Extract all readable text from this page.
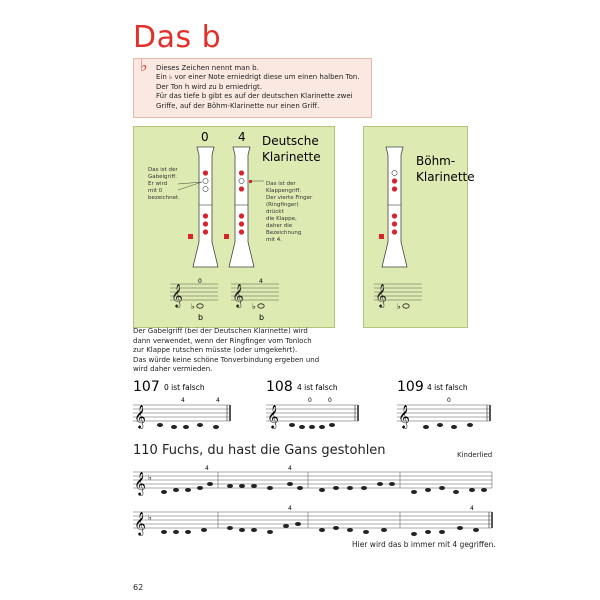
Das b
♭ Dieses Zeichen nennt man b.
Ein ♭ vor einer Note erniedrigt diese um einen halben Ton.
Der Ton h wird zu b erniedrigt.
Für das tiefe b gibt es auf der deutschen Klarinette zwei
Griffe, auf der Böhm-Klarinette nur einen Griff.
0 4 Deutsche
Klarinette
Das ist der
Gabelgriff.
Er wird
mit 0
bezeichnet.
Das ist der
Klappengriff.
Der vierte Finger
(Ringfinger)
drückt
die Klappe,
daher die
Bezeichnung
mit 4.
𝄞 𝄞
0	4
♭	♭
b	b
Böhm-
Klarinette
𝄞 ♭
Der Gabelgriff (bei der Deutschen Klarinette) wird
dann verwendet, wenn der Ringfinger vom Tonloch
zur Klappe rutschen müsste (oder umgekehrt).
Das würde keine schöne Tonverbindung ergeben und
wird daher vermieden.
107 0 ist falsch
𝄞
4	4
108 4 ist falsch
𝄞
0	0
109 4 ist falsch
𝄞
0
110 Fuchs, du hast die Gans gestohlen	Kinderlied
𝄞 ♭
4	4
𝄞 ♭
4	4
Hier wird das b immer mit 4 gegriffen.
62
